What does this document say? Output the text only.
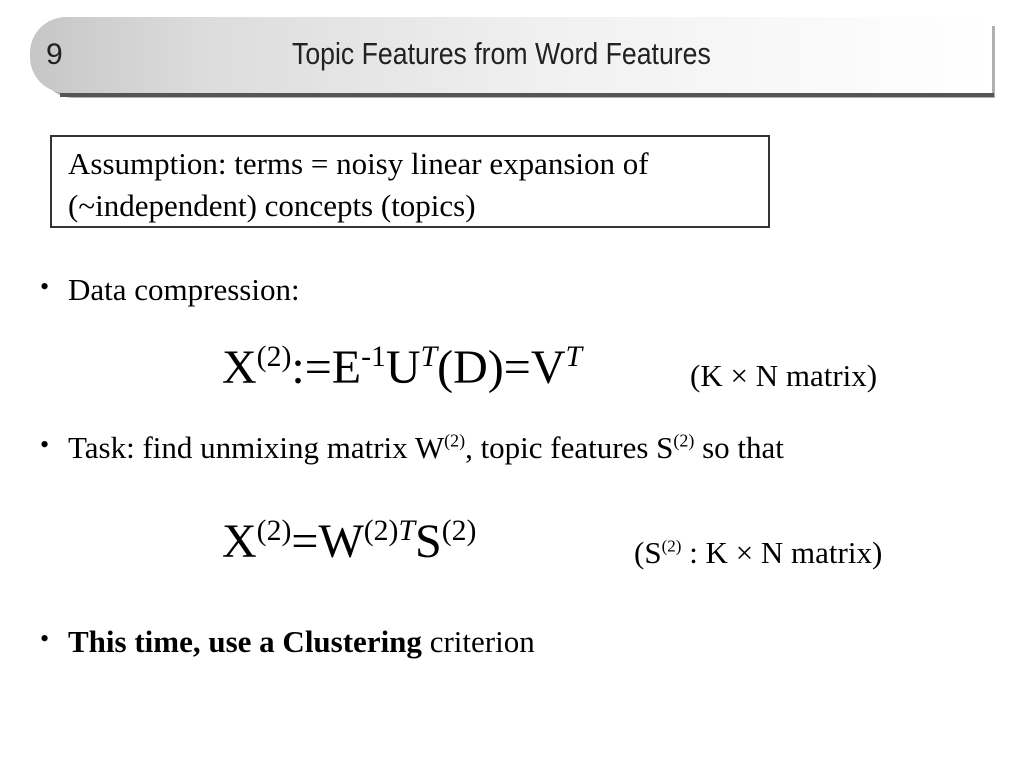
9	Topic Features from Word Features
Assumption: terms = noisy linear expansion of
(~independent) concepts (topics)
• Data compression:
$X^{(2)}:=E^{-1}U^T(D)=V^T$
(K × N matrix)
• Task: find unmixing matrix $W^{(2)}$, topic features $S^{(2)}$ so that
$X^{(2)}=W^{(2)T}S^{(2)}$
($S^{(2)}$ : K × N matrix)
• This time, use a Clustering criterion
